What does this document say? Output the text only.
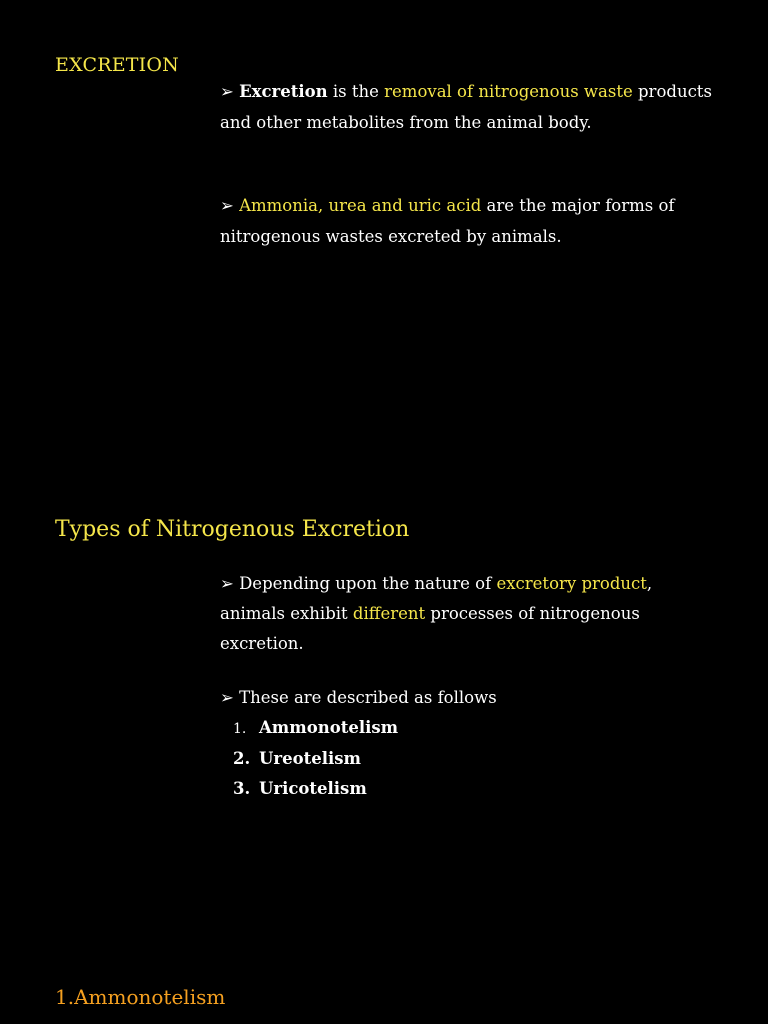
EXCRETION
➢ Excretion is the removal of nitrogenous waste products and other metabolites from the animal body.
➢ Ammonia, urea and uric acid are the major forms of nitrogenous wastes excreted by animals.
Types of Nitrogenous Excretion
➢ Depending upon the nature of excretory product, animals exhibit different processes of nitrogenous excretion.
➢ These are described as follows
1. Ammonotelism
2. Ureotelism
3. Uricotelism
1.Ammonotelism
